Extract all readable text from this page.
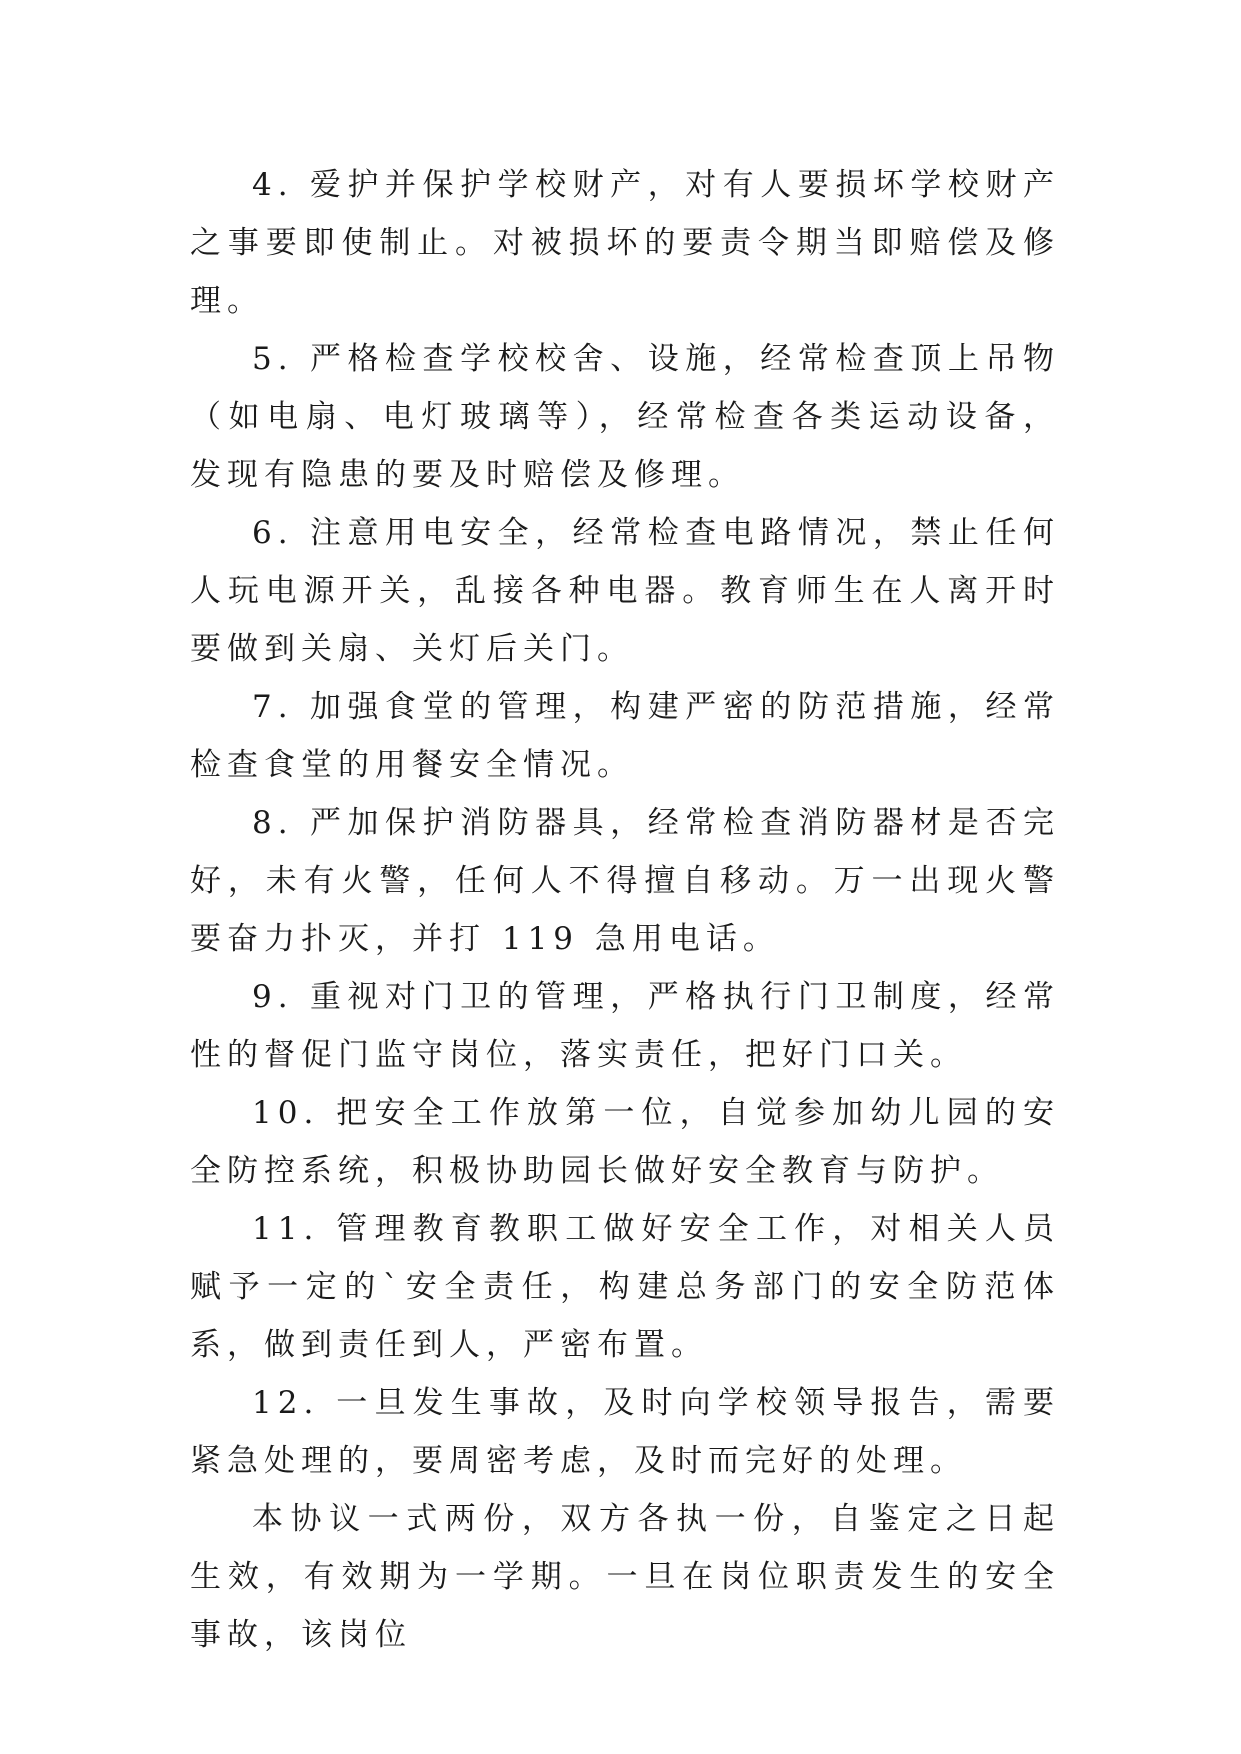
4. 爱护并保护学校财产，对有人要损坏学校财产之事要即使制止。对被损坏的要责令期当即赔偿及修理。

5. 严格检查学校校舍、设施，经常检查顶上吊物（如电扇、电灯玻璃等），经常检查各类运动设备，发现有隐患的要及时赔偿及修理。

6. 注意用电安全，经常检查电路情况，禁止任何人玩电源开关，乱接各种电器。教育师生在人离开时要做到关扇、关灯后关门。

7. 加强食堂的管理，构建严密的防范措施，经常检查食堂的用餐安全情况。

8. 严加保护消防器具，经常检查消防器材是否完好，未有火警，任何人不得擅自移动。万一出现火警要奋力扑灭，并打 119 急用电话。

9. 重视对门卫的管理，严格执行门卫制度，经常性的督促门监守岗位，落实责任，把好门口关。

10. 把安全工作放第一位，自觉参加幼儿园的安全防控系统，积极协助园长做好安全教育与防护。

11. 管理教育教职工做好安全工作，对相关人员赋予一定的`安全责任，构建总务部门的安全防范体系，做到责任到人，严密布置。

12. 一旦发生事故，及时向学校领导报告，需要紧急处理的，要周密考虑，及时而完好的处理。

本协议一式两份，双方各执一份，自鉴定之日起生效，有效期为一学期。一旦在岗位职责发生的安全事故，该岗位
